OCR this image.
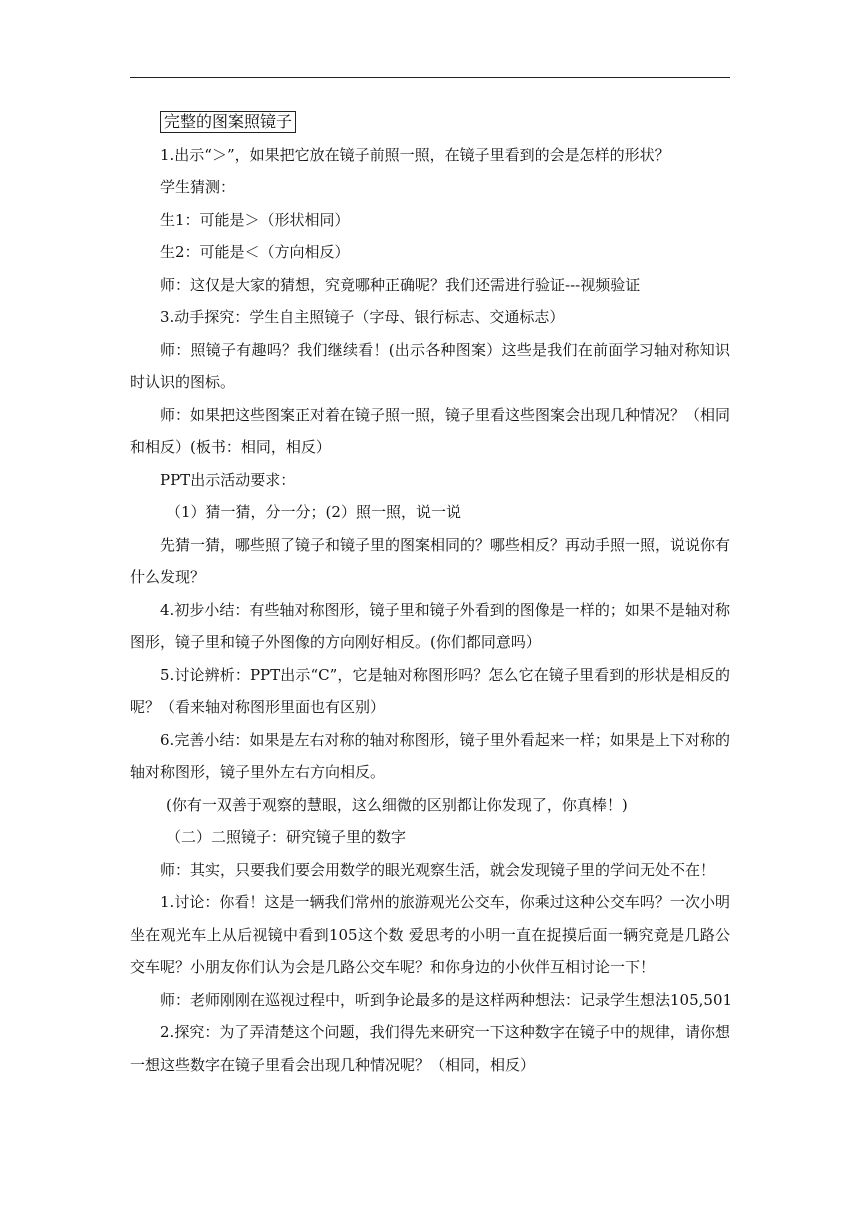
完整的图案照镜子

1.出示“＞”，如果把它放在镜子前照一照，在镜子里看到的会是怎样的形状？

学生猜测：

生1：可能是＞（形状相同）

生2：可能是＜（方向相反）

师：这仅是大家的猜想，究竟哪种正确呢？我们还需进行验证---视频验证

3.动手探究：学生自主照镜子（字母、银行标志、交通标志）

师：照镜子有趣吗？我们继续看！(出示各种图案）这些是我们在前面学习轴对称知识时认识的图标。

师：如果把这些图案正对着在镜子照一照，镜子里看这些图案会出现几种情况？（相同和相反）(板书：相同，相反）

PPT出示活动要求：

（1）猜一猜，分一分；(2）照一照，说一说

先猜一猜，哪些照了镜子和镜子里的图案相同的？哪些相反？再动手照一照，说说你有什么发现？

4.初步小结：有些轴对称图形，镜子里和镜子外看到的图像是一样的；如果不是轴对称图形，镜子里和镜子外图像的方向刚好相反。(你们都同意吗）

5.讨论辨析：PPT出示“C”，它是轴对称图形吗？怎么它在镜子里看到的形状是相反的呢？（看来轴对称图形里面也有区别）

6.完善小结：如果是左右对称的轴对称图形，镜子里外看起来一样；如果是上下对称的轴对称图形，镜子里外左右方向相反。

(你有一双善于观察的慧眼，这么细微的区别都让你发现了，你真棒！)

（二）二照镜子：研究镜子里的数字

师：其实，只要我们要会用数学的眼光观察生活，就会发现镜子里的学问无处不在！

1.讨论：你看！这是一辆我们常州的旅游观光公交车，你乘过这种公交车吗？一次小明坐在观光车上从后视镜中看到105这个数 爱思考的小明一直在捉摸后面一辆究竟是几路公交车呢？小朋友你们认为会是几路公交车呢？和你身边的小伙伴互相讨论一下！

师：老师刚刚在巡视过程中，听到争论最多的是这样两种想法：记录学生想法105,501

2.探究：为了弄清楚这个问题，我们得先来研究一下这种数字在镜子中的规律，请你想一想这些数字在镜子里看会出现几种情况呢？（相同，相反）
